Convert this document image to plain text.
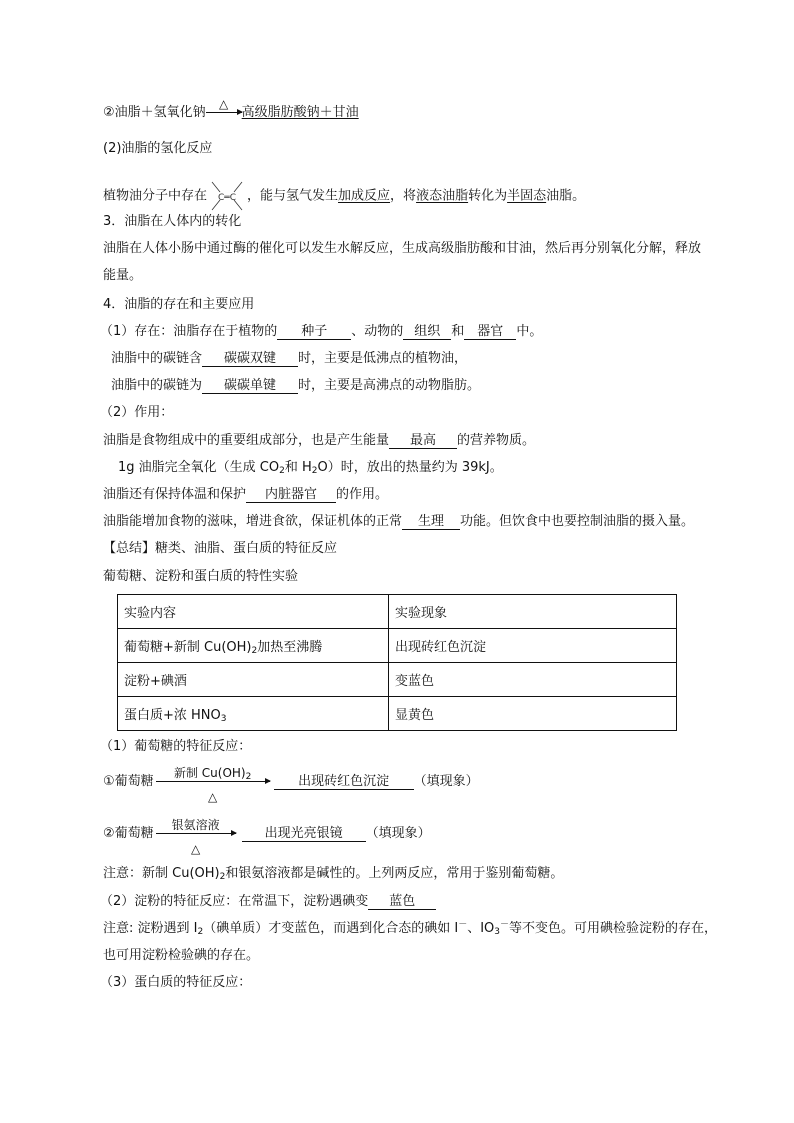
②油脂＋氢氧化钠
△
高级脂肪酸钠＋甘油
(2)油脂的氢化反应
植物油分子中存在 C═C ，能与氢气发生加成反应，将液态油脂转化为半固态油脂。
3．油脂在人体内的转化
油脂在人体小肠中通过酶的催化可以发生水解反应，生成高级脂肪酸和甘油，然后再分别氧化分解，释放
能量。
4．油脂的存在和主要应用
（1）存在：油脂存在于植物的 种子 、动物的 组织 和 器官 中。
油脂中的碳链含 碳碳双键 时，主要是低沸点的植物油，
油脂中的碳链为 碳碳单键 时，主要是高沸点的动物脂肪。
（2）作用：
油脂是食物组成中的重要组成部分，也是产生能量 最高 的营养物质。
1g 油脂完全氧化（生成 $CO_2$和 $H_2O$）时，放出的热量约为 39kJ。
油脂还有保持体温和保护 内脏器官 的作用。
油脂能增加食物的滋味，增进食欲，保证机体的正常 生理 功能。但饮食中也要控制油脂的摄入量。
【总结】糖类、油脂、蛋白质的特征反应
葡萄糖、淀粉和蛋白质的特性实验
实验内容	实验现象
葡萄糖+新制 $Cu(OH)_2$加热至沸腾	出现砖红色沉淀
淀粉+碘酒	变蓝色
蛋白质+浓 $HNO_3$	显黄色
（1）葡萄糖的特征反应：
①葡萄糖
新制 $Cu(OH)_2$
△
出现砖红色沉淀 （填现象）
②葡萄糖
银氨溶液
△
出现光亮银镜 （填现象）
注意：新制 $Cu(OH)_2$和银氨溶液都是碱性的。上列两反应，常用于鉴别葡萄糖。
（2）淀粉的特征反应：在常温下，淀粉遇碘变 蓝色
注意: 淀粉遇到 $I_2$（碘单质）才变蓝色，而遇到化合态的碘如 I－、$IO_3^-$等不变色。可用碘检验淀粉的存在，
也可用淀粉检验碘的存在。
（3）蛋白质的特征反应：
